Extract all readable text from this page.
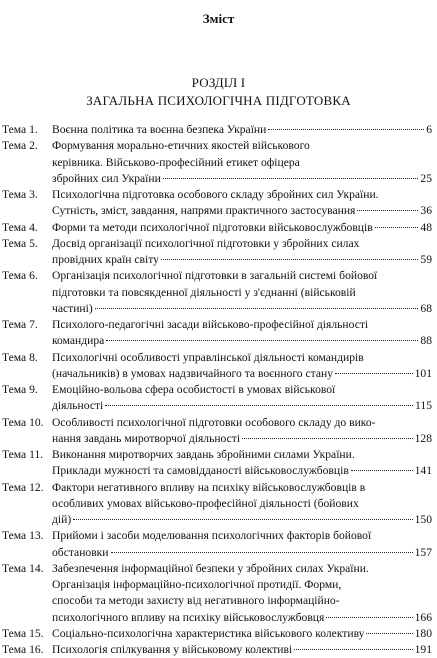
Зміст
РОЗДІЛ І
ЗАГАЛЬНА ПСИХОЛОГІЧНА ПІДГОТОВКА
Тема 1.	Воєнна політика та воєнна безпека України	6
Тема 2.	Формування морально-етичних якостей військового
керівника. Військово-професійний етикет офіцера
збройних сил України	25
Тема 3.	Психологічна підготовка особового складу збройних сил України.
Сутність, зміст, завдання, напрями практичного застосування	36
Тема 4.	Форми та методи психологічної підготовки військовослужбовців	48
Тема 5.	Досвід організації психологічної підготовки у збройних силах
провідних країн світу	59
Тема 6.	Організація психологічної підготовки в загальній системі бойової
підготовки та повсякденної діяльності у з'єднанні (військовій
частині)	68
Тема 7.	Психолого-педагогічні засади військово-професійної діяльності
командира	88
Тема 8.	Психологічні особливості управлінської діяльності командирів
(начальників) в умовах надзвичайного та воєнного стану	101
Тема 9.	Емоційно-вольова сфера особистості в умовах військової
діяльності	115
Тема 10. Особливості психологічної підготовки особового складу до вико-
нання завдань миротворчої діяльності	128
Тема 11. Виконання миротворчих завдань збройними силами України.
Приклади мужності та самовідданості військовослужбовців	141
Тема 12. Фактори негативного впливу на психіку військовослужбовців в
особливих умовах військово-професійної діяльності (бойових
дій)	150
Тема 13. Прийоми і засоби моделювання психологічних факторів бойової
обстановки	157
Тема 14. Забезпечення інформаційної безпеки у збройних силах України.
Організація інформаційно-психологічної протидії. Форми,
способи та методи захисту від негативного інформаційно-
психологічного впливу на психіку військовослужбовця	166
Тема 15. Соціально-психологічна характеристика військового колективу	180
Тема 16. Психологія спілкування у військовому колективі	191
